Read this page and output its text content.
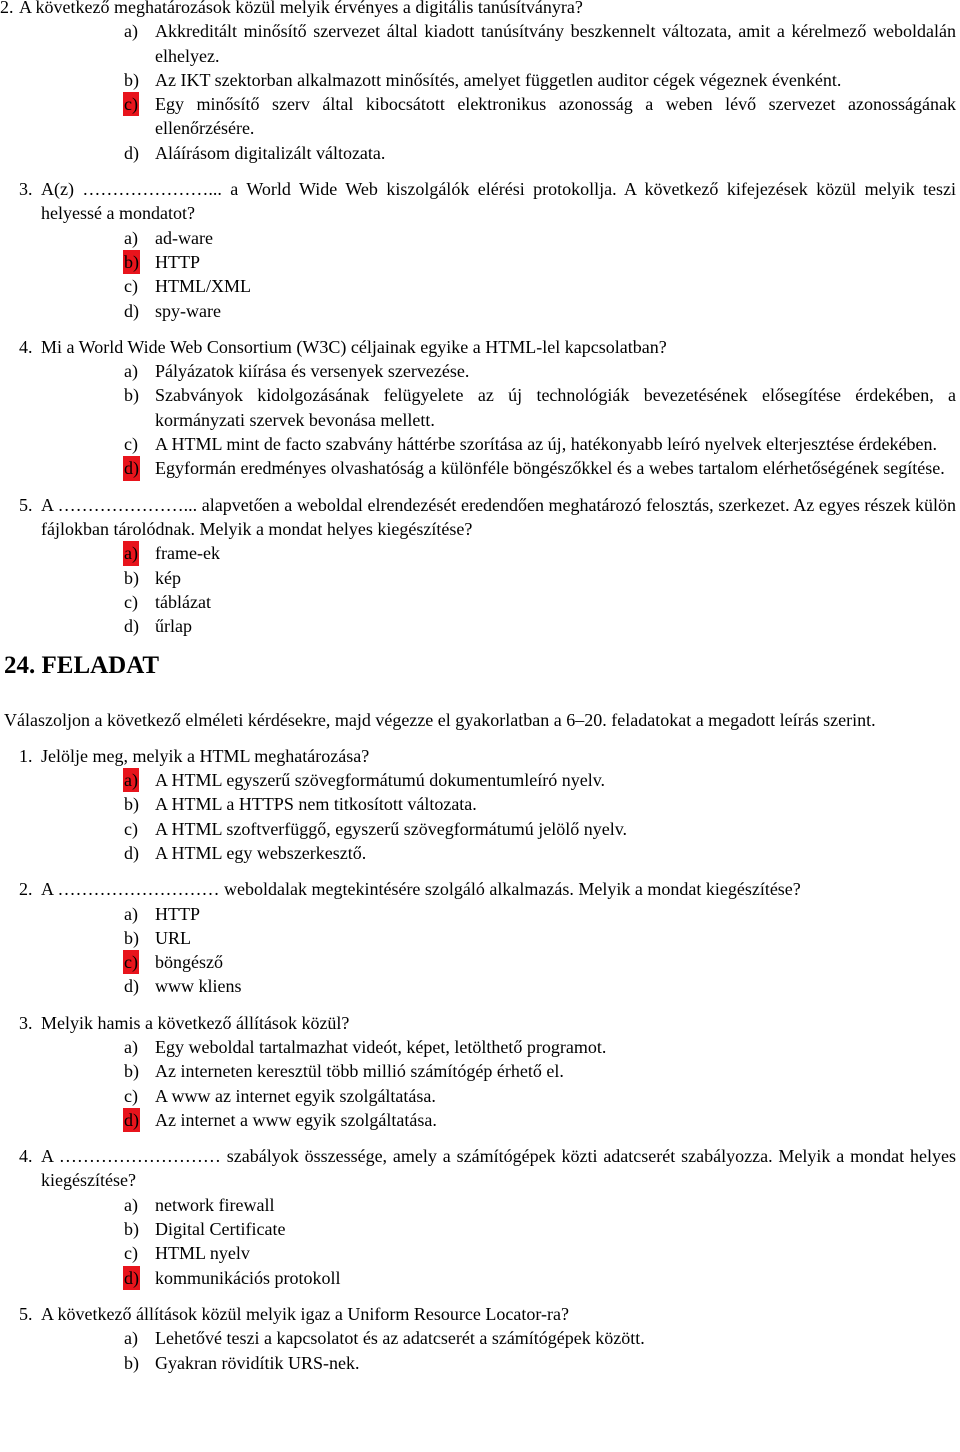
2. A következő meghatározások közül melyik érvényes a digitális tanúsítványra?
a) Akkreditált minősítő szervezet által kiadott tanúsítvány beszkennelt változata, amit a kérelmező weboldalán elhelyez.
b) Az IKT szektorban alkalmazott minősítés, amelyet független auditor cégek végeznek évenként.
c) Egy minősítő szerv által kibocsátott elektronikus azonosság a weben lévő szervezet azonosságának ellenőrzésére.
d) Aláírásom digitalizált változata.
3. A(z) …………………... a World Wide Web kiszolgálók elérési protokollja. A következő kifejezések közül melyik teszi helyessé a mondatot?
a) ad-ware
b) HTTP
c) HTML/XML
d) spy-ware
4. Mi a World Wide Web Consortium (W3C) céljainak egyike a HTML-lel kapcsolatban?
a) Pályázatok kiírása és versenyek szervezése.
b) Szabványok kidolgozásának felügyelete az új technológiák bevezetésének elősegítése érdekében, a kormányzati szervek bevonása mellett.
c) A HTML mint de facto szabvány háttérbe szorítása az új, hatékonyabb leíró nyelvek elterjesztése érdekében.
d) Egyformán eredményes olvashatóság a különféle böngészőkkel és a webes tartalom elérhetőségének segítése.
5. A …………………... alapvetően a weboldal elrendezését eredendően meghatározó felosztás, szerkezet. Az egyes részek külön fájlokban tárolódnak. Melyik a mondat helyes kiegészítése?
a) frame-ek
b) kép
c) táblázat
d) űrlap
24. FELADAT
Válaszoljon a következő elméleti kérdésekre, majd végezze el gyakorlatban a 6–20. feladatokat a megadott leírás szerint.
1. Jelölje meg, melyik a HTML meghatározása?
a) A HTML egyszerű szövegformátumú dokumentumleíró nyelv.
b) A HTML a HTTPS nem titkosított változata.
c) A HTML szoftverfüggő, egyszerű szövegformátumú jelölő nyelv.
d) A HTML egy webszerkesztő.
2. A ……………………… weboldalak megtekintésére szolgáló alkalmazás. Melyik a mondat kiegészítése?
a) HTTP
b) URL
c) böngésző
d) www kliens
3. Melyik hamis a következő állítások közül?
a) Egy weboldal tartalmazhat videót, képet, letölthető programot.
b) Az interneten keresztül több millió számítógép érhető el.
c) A www az internet egyik szolgáltatása.
d) Az internet a www egyik szolgáltatása.
4. A ……………………… szabályok összessége, amely a számítógépek közti adatcserét szabályozza. Melyik a mondat helyes kiegészítése?
a) network firewall
b) Digital Certificate
c) HTML nyelv
d) kommunikációs protokoll
5. A következő állítások közül melyik igaz a Uniform Resource Locator-ra?
a) Lehetővé teszi a kapcsolatot és az adatcserét a számítógépek között.
b) Gyakran rövidítik URS-nek.
